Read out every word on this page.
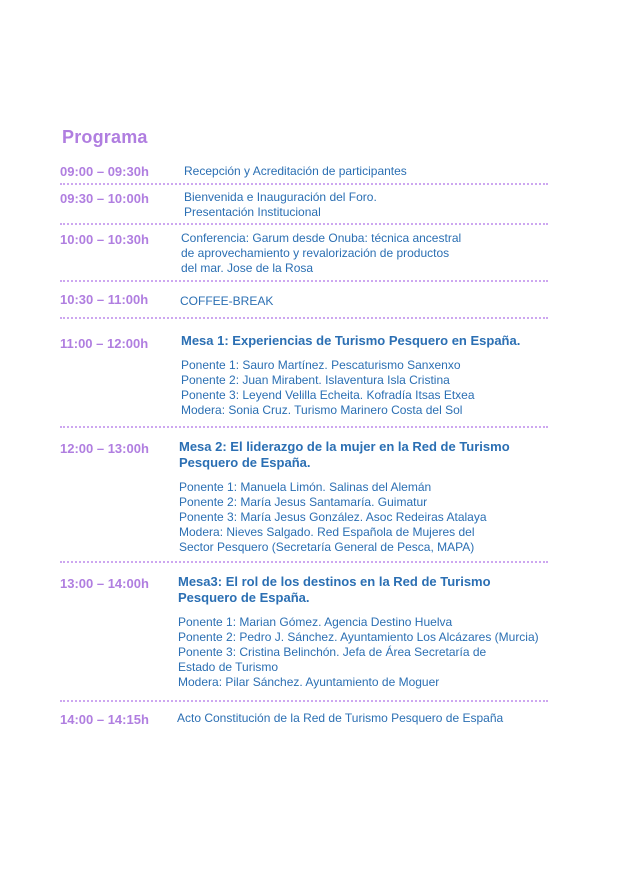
Programa
09:00 – 09:30h	Recepción y Acreditación de participantes
09:30 – 10:00h	Bienvenida e Inauguración del Foro.
Presentación Institucional
10:00 – 10:30h	Conferencia: Garum desde Onuba: técnica ancestral
de aprovechamiento y revalorización de productos
del mar. Jose de la Rosa
10:30 – 11:00h	COFFEE-BREAK
11:00 – 12:00h	Mesa 1: Experiencias de Turismo Pesquero en España.
Ponente 1: Sauro Martínez. Pescaturismo Sanxenxo
Ponente 2: Juan Mirabent. Islaventura Isla Cristina
Ponente 3: Leyend Velilla Echeita. Kofradía Itsas Etxea
Modera: Sonia Cruz. Turismo Marinero Costa del Sol
12:00 – 13:00h Mesa 2: El liderazgo de la mujer en la Red de Turismo
Pesquero de España.
Ponente 1: Manuela Limón. Salinas del Alemán
Ponente 2: María Jesus Santamaría. Guimatur
Ponente 3: María Jesus González. Asoc Redeiras Atalaya
Modera: Nieves Salgado. Red Española de Mujeres del
Sector Pesquero (Secretaría General de Pesca, MAPA)
13:00 – 14:00h Mesa3: El rol de los destinos en la Red de Turismo
Pesquero de España.
Ponente 1: Marian Gómez. Agencia Destino Huelva
Ponente 2: Pedro J. Sánchez. Ayuntamiento Los Alcázares (Murcia)
Ponente 3: Cristina Belinchón. Jefa de Área Secretaría de
Estado de Turismo
Modera: Pilar Sánchez. Ayuntamiento de Moguer
14:00 – 14:15h Acto Constitución de la Red de Turismo Pesquero de España
